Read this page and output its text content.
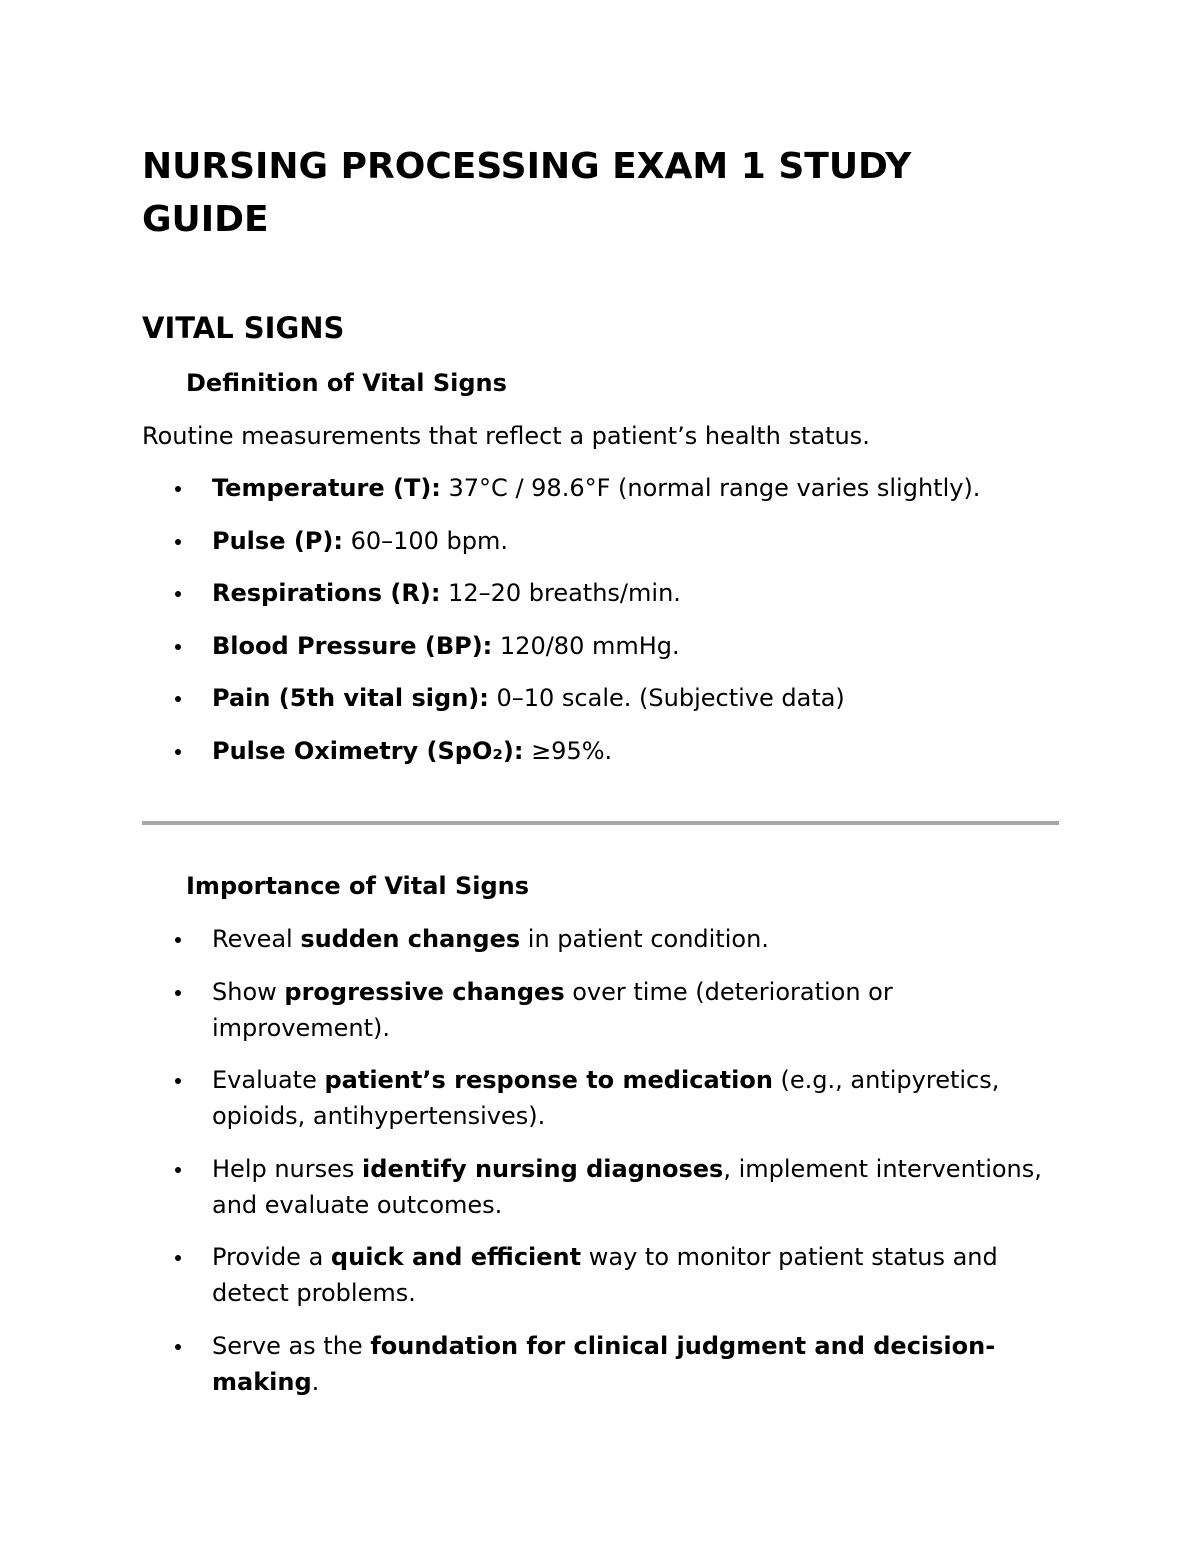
NURSING PROCESSING EXAM 1 STUDY GUIDE
VITAL SIGNS
Definition of Vital Signs

Routine measurements that reflect a patient’s health status.

Temperature (T): 37°C / 98.6°F (normal range varies slightly).
Pulse (P): 60–100 bpm.
Respirations (R): 12–20 breaths/min.
Blood Pressure (BP): 120/80 mmHg.
Pain (5th vital sign): 0–10 scale. (Subjective data)
Pulse Oximetry (SpO₂): ≥95%.
Importance of Vital Signs
Reveal sudden changes in patient condition.
Show progressive changes over time (deterioration or improvement).
Evaluate patient’s response to medication (e.g., antipyretics, opioids, antihypertensives).
Help nurses identify nursing diagnoses, implement interventions, and evaluate outcomes.
Provide a quick and efficient way to monitor patient status and detect problems.
Serve as the foundation for clinical judgment and decision-making.
